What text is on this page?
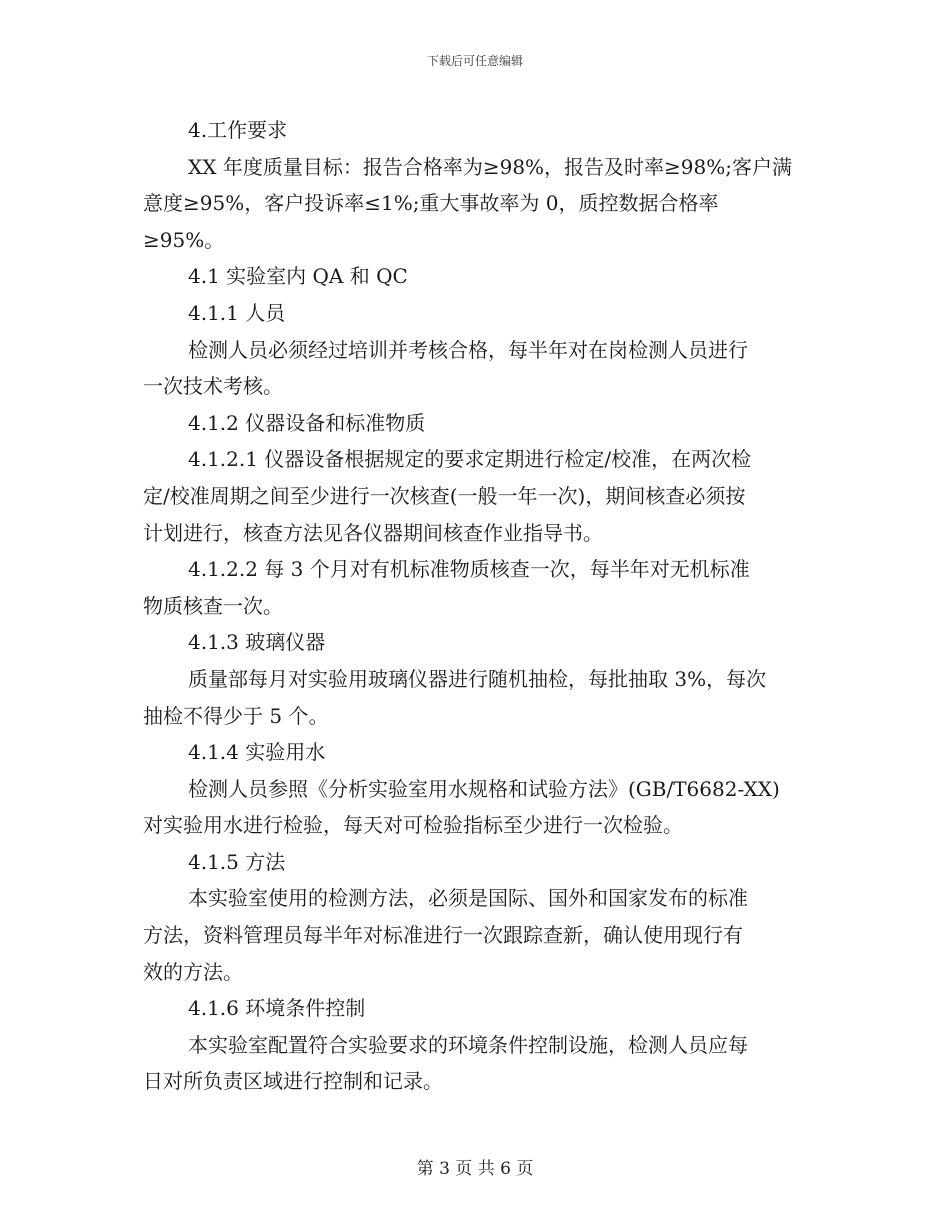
下载后可任意编辑
4.工作要求
XX 年度质量目标：报告合格率为≥98%，报告及时率≥98%;客户满
意度≥95%，客户投诉率≤1%;重大事故率为 0，质控数据合格率
≥95%。
4.1 实验室内 QA 和 QC
4.1.1 人员
检测人员必须经过培训并考核合格，每半年对在岗检测人员进行
一次技术考核。
4.1.2 仪器设备和标准物质
4.1.2.1 仪器设备根据规定的要求定期进行检定/校准，在两次检
定/校准周期之间至少进行一次核查(一般一年一次)，期间核查必须按
计划进行，核查方法见各仪器期间核查作业指导书。
4.1.2.2 每 3 个月对有机标准物质核查一次，每半年对无机标准
物质核查一次。
4.1.3 玻璃仪器
质量部每月对实验用玻璃仪器进行随机抽检，每批抽取 3%，每次
抽检不得少于 5 个。
4.1.4 实验用水
检测人员参照《分析实验室用水规格和试验方法》(GB/T6682-XX)
对实验用水进行检验，每天对可检验指标至少进行一次检验。
4.1.5 方法
本实验室使用的检测方法，必须是国际、国外和国家发布的标准
方法，资料管理员每半年对标准进行一次跟踪查新，确认使用现行有
效的方法。
4.1.6 环境条件控制
本实验室配置符合实验要求的环境条件控制设施，检测人员应每
日对所负责区域进行控制和记录。
第 3 页 共 6 页
